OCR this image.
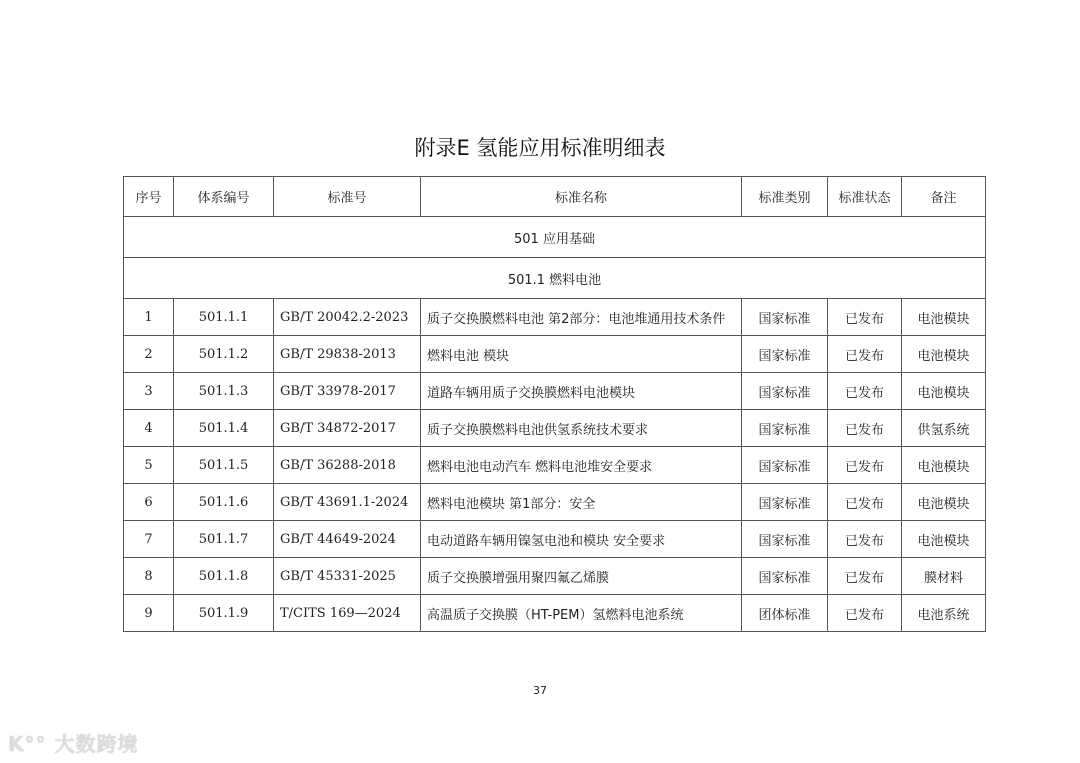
附录E 氢能应用标准明细表
序号	体系编号	标准号	标准名称	标准类别	标准状态	备注
501 应用基础						
501.1 燃料电池						
1	501.1.1	GB/T 20042.2-2023	质子交换膜燃料电池 第2部分：电池堆通用技术条件	国家标准	已发布	电池模块
2	501.1.2	GB/T 29838-2013	燃料电池 模块	国家标准	已发布	电池模块
3	501.1.3	GB/T 33978-2017	道路车辆用质子交换膜燃料电池模块	国家标准	已发布	电池模块
4	501.1.4	GB/T 34872-2017	质子交换膜燃料电池供氢系统技术要求	国家标准	已发布	供氢系统
5	501.1.5	GB/T 36288-2018	燃料电池电动汽车 燃料电池堆安全要求	国家标准	已发布	电池模块
6	501.1.6	GB/T 43691.1-2024	燃料电池模块 第1部分：安全	国家标准	已发布	电池模块
7	501.1.7	GB/T 44649-2024	电动道路车辆用镍氢电池和模块 安全要求	国家标准	已发布	电池模块
8	501.1.8	GB/T 45331-2025	质子交换膜增强用聚四氟乙烯膜	国家标准	已发布	膜材料
9	501.1.9	T/CITS 169—2024	高温质子交换膜（HT-PEM）氢燃料电池系统	团体标准	已发布	电池系统
37
K°° 大数跨境
